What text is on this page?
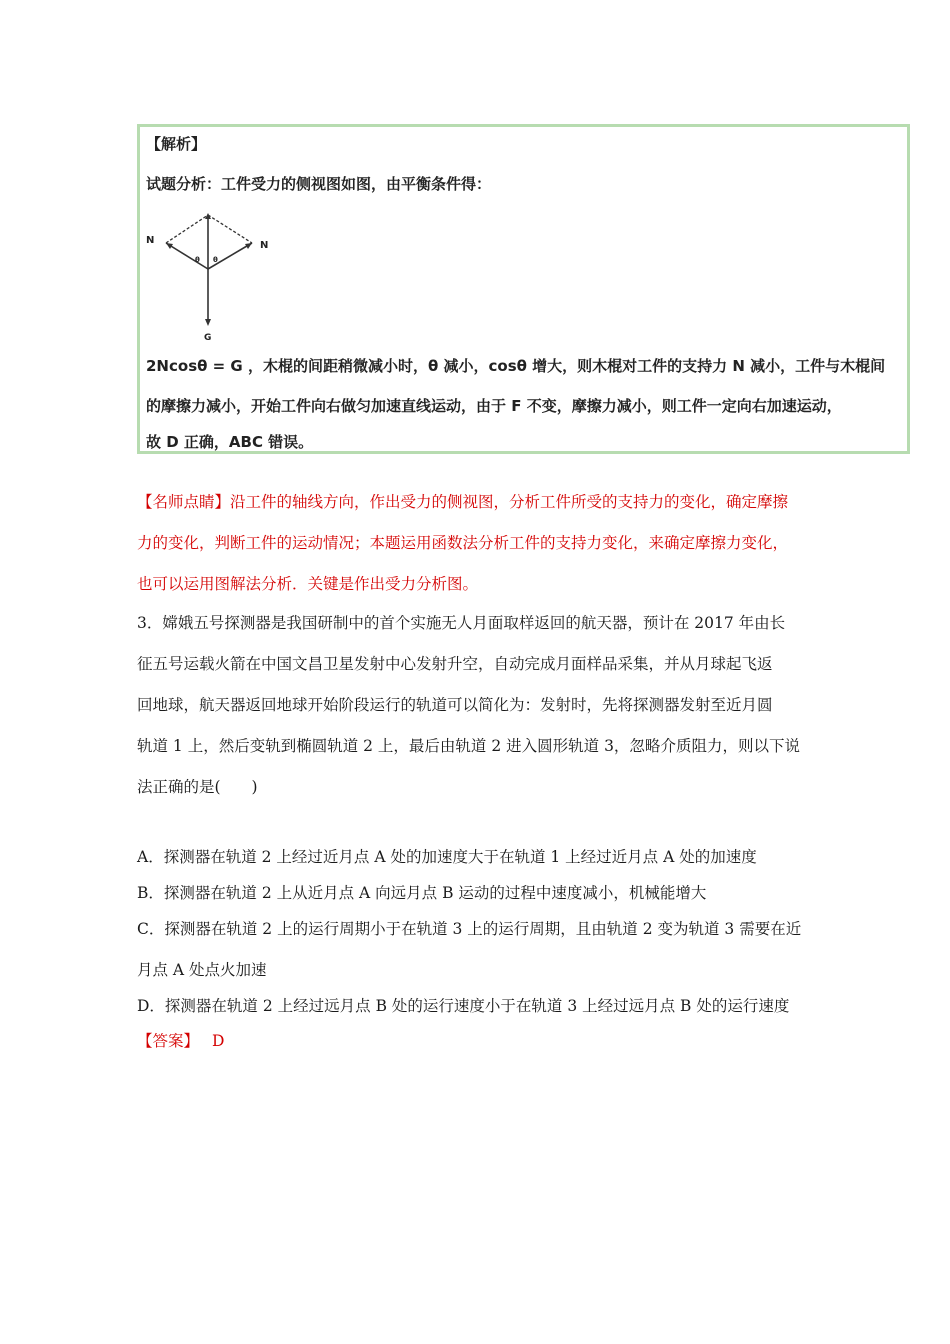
【解析】
试题分析：工件受力的侧视图如图，由平衡条件得：
N	N
θ θ
G
2Ncosθ = G ，木棍的间距稍微减小时，θ 减小，cosθ 增大，则木棍对工件的支持力 N 减小，工件与木棍间
的摩擦力减小，开始工件向右做匀加速直线运动，由于 F 不变，摩擦力减小，则工件一定向右加速运动，
故 D 正确，ABC 错误。
【名师点睛】沿工件的轴线方向，作出受力的侧视图，分析工件所受的支持力的变化，确定摩擦
力的变化，判断工件的运动情况；本题运用函数法分析工件的支持力变化，来确定摩擦力变化，
也可以运用图解法分析．关键是作出受力分析图。
3．嫦娥五号探测器是我国研制中的首个实施无人月面取样返回的航天器，预计在 2017 年由长
征五号运载火箭在中国文昌卫星发射中心发射升空，自动完成月面样品采集，并从月球起飞返
回地球，航天器返回地球开始阶段运行的轨道可以简化为：发射时，先将探测器发射至近月圆
轨道 1 上，然后变轨到椭圆轨道 2 上，最后由轨道 2 进入圆形轨道 3，忽略介质阻力，则以下说
法正确的是(　　)
A．探测器在轨道 2 上经过近月点 A 处的加速度大于在轨道 1 上经过近月点 A 处的加速度
B．探测器在轨道 2 上从近月点 A 向远月点 B 运动的过程中速度减小，机械能增大
C．探测器在轨道 2 上的运行周期小于在轨道 3 上的运行周期，且由轨道 2 变为轨道 3 需要在近
月点 A 处点火加速
D．探测器在轨道 2 上经过远月点 B 处的运行速度小于在轨道 3 上经过远月点 B 处的运行速度
【答案】 D
